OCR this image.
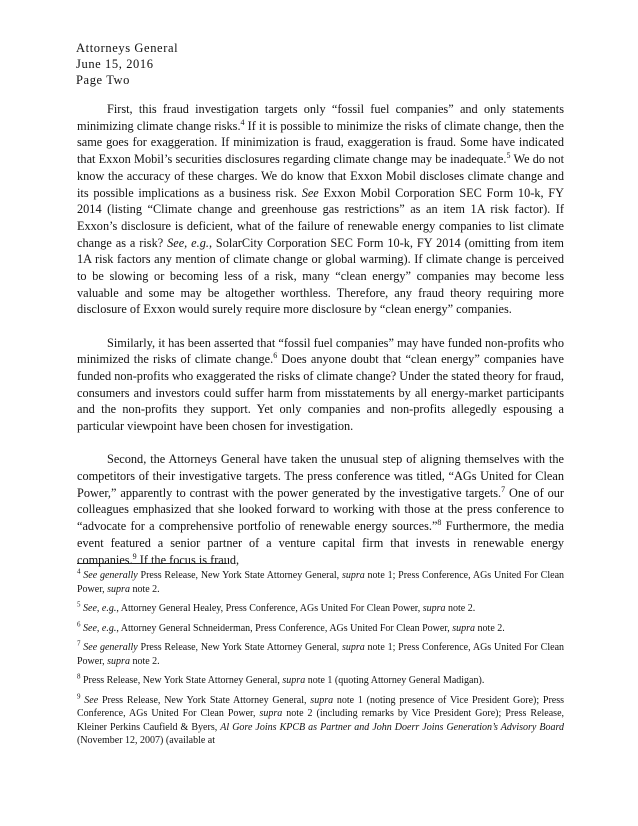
Attorneys General
June 15, 2016
Page Two

First, this fraud investigation targets only “fossil fuel companies” and only statements minimizing climate change risks.$^4$ If it is possible to minimize the risks of climate change, then the same goes for exaggeration. If minimization is fraud, exaggeration is fraud. Some have indicated that Exxon Mobil’s securities disclosures regarding climate change may be inadequate.$^5$ We do not know the accuracy of these charges. We do know that Exxon Mobil discloses climate change and its possible implications as a business risk. See Exxon Mobil Corporation SEC Form 10-k, FY 2014 (listing “Climate change and greenhouse gas restrictions” as an item 1A risk factor). If Exxon’s disclosure is deficient, what of the failure of renewable energy companies to list climate change as a risk? See, e.g., SolarCity Corporation SEC Form 10-k, FY 2014 (omitting from item 1A risk factors any mention of climate change or global warming). If climate change is perceived to be slowing or becoming less of a risk, many “clean energy” companies may become less valuable and some may be altogether worthless. Therefore, any fraud theory requiring more disclosure of Exxon would surely require more disclosure by “clean energy” companies.

Similarly, it has been asserted that “fossil fuel companies” may have funded non-profits who minimized the risks of climate change.$^6$ Does anyone doubt that “clean energy” companies have funded non-profits who exaggerated the risks of climate change? Under the stated theory for fraud, consumers and investors could suffer harm from misstatements by all energy-market participants and the non-profits they support. Yet only companies and non-profits allegedly espousing a particular viewpoint have been chosen for investigation.

Second, the Attorneys General have taken the unusual step of aligning themselves with the competitors of their investigative targets. The press conference was titled, “AGs United for Clean Power,” apparently to contrast with the power generated by the investigative targets.$^7$ One of our colleagues emphasized that she looked forward to working with those at the press conference to “advocate for a comprehensive portfolio of renewable energy sources.”$^8$ Furthermore, the media event featured a senior partner of a venture capital firm that invests in renewable energy companies.$^9$ If the focus is fraud,

$^4$ See generally Press Release, New York State Attorney General, supra note 1; Press Conference, AGs United For Clean Power, supra note 2.
$^5$ See, e.g., Attorney General Healey, Press Conference, AGs United For Clean Power, supra note 2.
$^6$ See, e.g., Attorney General Schneiderman, Press Conference, AGs United For Clean Power, supra note 2.
$^7$ See generally Press Release, New York State Attorney General, supra note 1; Press Conference, AGs United For Clean Power, supra note 2.
$^8$ Press Release, New York State Attorney General, supra note 1 (quoting Attorney General Madigan).
$^9$ See Press Release, New York State Attorney General, supra note 1 (noting presence of Vice President Gore); Press Conference, AGs United For Clean Power, supra note 2 (including remarks by Vice President Gore); Press Release, Kleiner Perkins Caufield & Byers, Al Gore Joins KPCB as Partner and John Doerr Joins Generation’s Advisory Board (November 12, 2007) (available at
